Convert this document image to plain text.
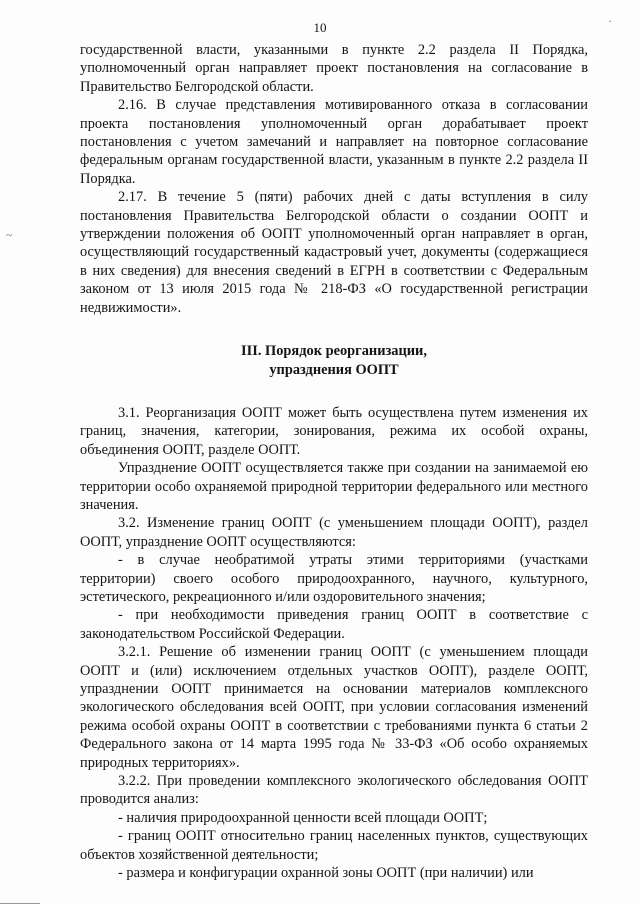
10

государственной власти, указанными в пункте 2.2 раздела II Порядка, уполномоченный орган направляет проект постановления на согласование в Правительство Белгородской области.

2.16. В случае представления мотивированного отказа в согласовании проекта постановления уполномоченный орган дорабатывает проект постановления с учетом замечаний и направляет на повторное согласование федеральным органам государственной власти, указанным в пункте 2.2 раздела II Порядка.

2.17. В течение 5 (пяти) рабочих дней с даты вступления в силу постановления Правительства Белгородской области о создании ООПТ и утверждении положения об ООПТ уполномоченный орган направляет в орган, осуществляющий государственный кадастровый учет, документы (содержащиеся в них сведения) для внесения сведений в ЕГРН в соответствии с Федеральным законом от 13 июля 2015 года № 218-ФЗ «О государственной регистрации недвижимости».

III. Порядок реорганизации,

упразднения ООПТ

3.1. Реорганизация ООПТ может быть осуществлена путем изменения их границ, значения, категории, зонирования, режима их особой охраны, объединения ООПТ, разделе ООПТ.

Упразднение ООПТ осуществляется также при создании на занимаемой ею территории особо охраняемой природной территории федерального или местного значения.

3.2. Изменение границ ООПТ (с уменьшением площади ООПТ), раздел ООПТ, упразднение ООПТ осуществляются:

- в случае необратимой утраты этими территориями (участками территории) своего особого природоохранного, научного, культурного, эстетического, рекреационного и/или оздоровительного значения;

- при необходимости приведения границ ООПТ в соответствие с законодательством Российской Федерации.

3.2.1. Решение об изменении границ ООПТ (с уменьшением площади ООПТ и (или) исключением отдельных участков ООПТ), разделе ООПТ, упразднении ООПТ принимается на основании материалов комплексного экологического обследования всей ООПТ, при условии согласования изменений режима особой охраны ООПТ в соответствии с требованиями пункта 6 статьи 2 Федерального закона от 14 марта 1995 года № 33-ФЗ «Об особо охраняемых природных территориях».

3.2.2. При проведении комплексного экологического обследования ООПТ проводится анализ:

- наличия природоохранной ценности всей площади ООПТ;

- границ ООПТ относительно границ населенных пунктов, существующих объектов хозяйственной деятельности;

- размера и конфигурации охранной зоны ООПТ (при наличии) или

~
·
